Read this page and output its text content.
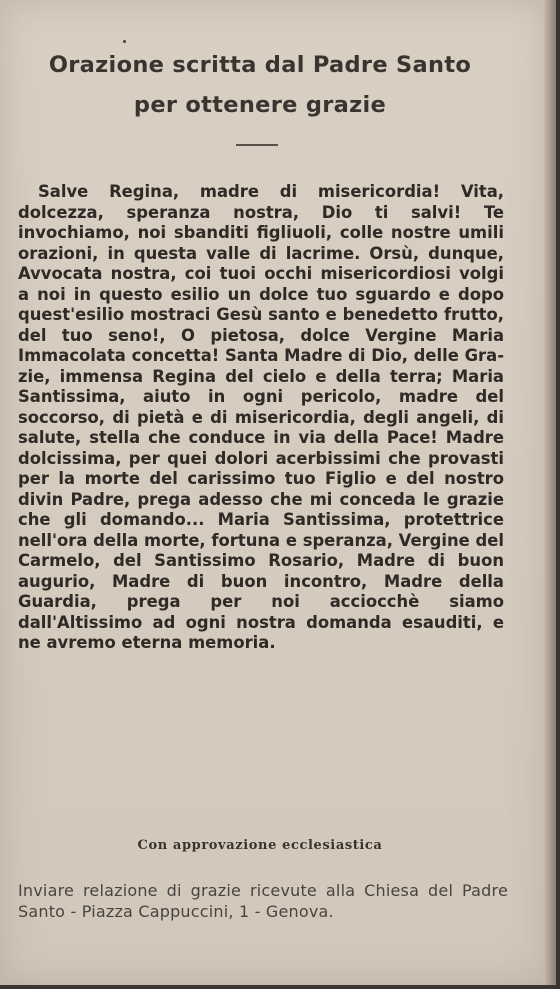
Orazione scritta dal Padre Santo
per ottenere grazie

Salve Regina, madre di misericordia! Vita, dolcezza, speranza nostra, Dio ti salvi! Te invochiamo, noi sbanditi figliuoli, colle nostre umili orazioni, in questa valle di lacrime. Orsù, dunque, Avvocata nostra, coi tuoi occhi misericordiosi volgi a noi in questo esilio un dolce tuo sguardo e dopo quest'esilio mostraci Gesù santo e benedetto frutto, del tuo seno!, O pietosa, dolce Vergine Maria Immacolata concetta! Santa Madre di Dio, delle Grazie, immensa Regina del cielo e della terra; Maria Santissima, aiuto in ogni pericolo, madre del soccorso, di pietà e di misericordia, degli angeli, di salute, stella che conduce in via della Pace! Madre dolcissima, per quei dolori acerbissimi che provasti per la morte del carissimo tuo Figlio e del nostro divin Padre, prega adesso che mi conceda le grazie che gli domando... Maria Santissima, protettrice nell'ora della morte, fortuna e speranza, Vergine del Carmelo, del Santissimo Rosario, Madre di buon augurio, Madre di buon incontro, Madre della Guardia, prega per noi acciocchè siamo dall'Altissimo ad ogni nostra domanda esauditi, e ne avremo eterna memoria.

Con approvazione ecclesiastica
Inviare relazione di grazie ricevute alla Chiesa del Padre Santo - Piazza Cappuccini, 1 - Genova.
